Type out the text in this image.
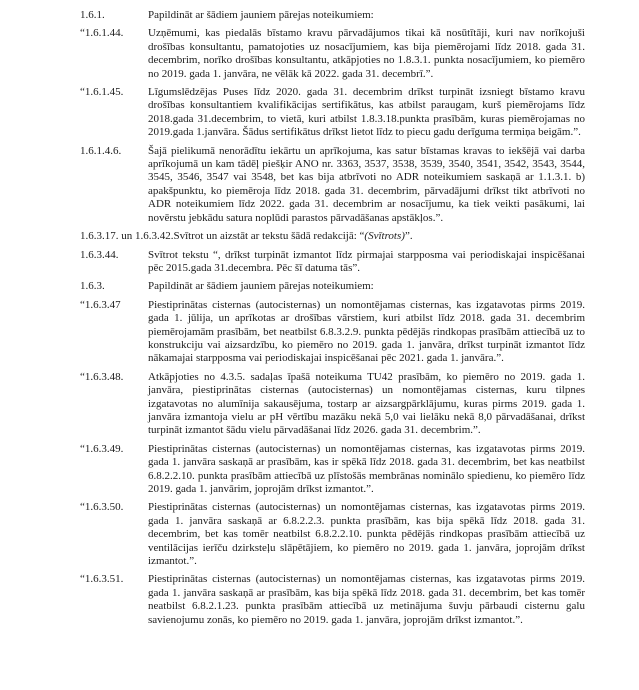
1.6.1.	Papildināt ar šādiem jauniem pārejas noteikumiem:
“1.6.1.44.	Uzņēmumi, kas piedalās bīstamo kravu pārvadājumos tikai kā nosūtītāji, kuri nav norīkojuši drošības konsultantu, pamatojoties uz nosacījumiem, kas bija piemērojami līdz 2018. gada 31. decembrim, norīko drošības konsultantu, atkāpjoties no 1.8.3.1. punkta nosacījumiem, ko piemēro no 2019. gada 1. janvāra, ne vēlāk kā 2022. gada 31. decembrī.”.
“1.6.1.45.	Līgumslēdzējas Puses līdz 2020. gada 31. decembrim drīkst turpināt izsniegt bīstamo kravu drošības konsultantiem kvalifikācijas sertifikātus, kas atbilst paraugam, kurš piemērojams līdz 2018.gada 31.decembrim, to vietā, kuri atbilst 1.8.3.18.punkta prasībām, kuras piemērojamas no 2019.gada 1.janvāra. Šādus sertifikātus drīkst lietot līdz to piecu gadu derīguma termiņa beigām.”.
1.6.1.4.6.	Šajā pielikumā nenorādītu iekārtu un aprīkojuma, kas satur bīstamas kravas to iekšējā vai darba aprīkojumā un kam tādēļ piešķir ANO nr. 3363, 3537, 3538, 3539, 3540, 3541, 3542, 3543, 3544, 3545, 3546, 3547 vai 3548, bet kas bija atbrīvoti no ADR noteikumiem saskaņā ar 1.1.3.1. b) apakšpunktu, ko piemēroja līdz 2018. gada 31. decembrim, pārvadājumi drīkst tikt atbrīvoti no ADR noteikumiem līdz 2022. gada 31. decembrim ar nosacījumu, ka tiek veikti pasākumi, lai novērstu jebkādu satura noplūdi parastos pārvadāšanas apstākļos.”.
1.6.3.17. un 1.6.3.42.Svītrot un aizstāt ar tekstu šādā redakcijā: “(Svītrots)”.
1.6.3.44.	Svītrot tekstu “, drīkst turpināt izmantot līdz pirmajai starpposma vai periodiskajai inspicēšanai pēc 2015.gada 31.decembra. Pēc šī datuma tās”.
1.6.3.	Papildināt ar šādiem jauniem pārejas noteikumiem:
“1.6.3.47	Piestiprinātas cisternas (autocisternas) un nomontējamas cisternas, kas izgatavotas pirms 2019. gada 1. jūlija, un aprīkotas ar drošības vārstiem, kuri atbilst līdz 2018. gada 31. decembrim piemērojamām prasībām, bet neatbilst 6.8.3.2.9. punkta pēdējās rindkopas prasībām attiecībā uz to konstrukciju vai aizsardzību, ko piemēro no 2019. gada 1. janvāra, drīkst turpināt izmantot līdz nākamajai starpposma vai periodiskajai inspicēšanai pēc 2021. gada 1. janvāra.”.
“1.6.3.48.	Atkāpjoties no 4.3.5. sadaļas īpašā noteikuma TU42 prasībām, ko piemēro no 2019. gada 1. janvāra, piestiprinātas cisternas (autocisternas) un nomontējamas cisternas, kuru tilpnes izgatavotas no alumīnija sakausējuma, tostarp ar aizsargpārklājumu, kuras pirms 2019. gada 1. janvāra izmantoja vielu ar pH vērtību mazāku nekā 5,0 vai lielāku nekā 8,0 pārvadāšanai, drīkst turpināt izmantot šādu vielu pārvadāšanai līdz 2026. gada 31. decembrim.”.
“1.6.3.49.	Piestiprinātas cisternas (autocisternas) un nomontējamas cisternas, kas izgatavotas pirms 2019. gada 1. janvāra saskaņā ar prasībām, kas ir spēkā līdz 2018. gada 31. decembrim, bet kas neatbilst 6.8.2.2.10. punkta prasībām attiecībā uz plīstošās membrānas nominālo spiedienu, ko piemēro līdz 2019. gada 1. janvārim, joprojām drīkst izmantot.”.
“1.6.3.50.	Piestiprinātas cisternas (autocisternas) un nomontējamas cisternas, kas izgatavotas pirms 2019. gada 1. janvāra saskaņā ar 6.8.2.2.3. punkta prasībām, kas bija spēkā līdz 2018. gada 31. decembrim, bet kas tomēr neatbilst 6.8.2.2.10. punkta pēdējās rindkopas prasībām attiecībā uz ventilācijas ierīču dzirksteļu slāpētājiem, ko piemēro no 2019. gada 1. janvāra, joprojām drīkst izmantot.”.
“1.6.3.51.	Piestiprinātas cisternas (autocisternas) un nomontējamas cisternas, kas izgatavotas pirms 2019. gada 1. janvāra saskaņā ar prasībām, kas bija spēkā līdz 2018. gada 31. decembrim, bet kas tomēr neatbilst 6.8.2.1.23. punkta prasībām attiecībā uz metinājuma šuvju pārbaudi cisternu galu savienojumu zonās, ko piemēro no 2019. gada 1. janvāra, joprojām drīkst izmantot.”.
